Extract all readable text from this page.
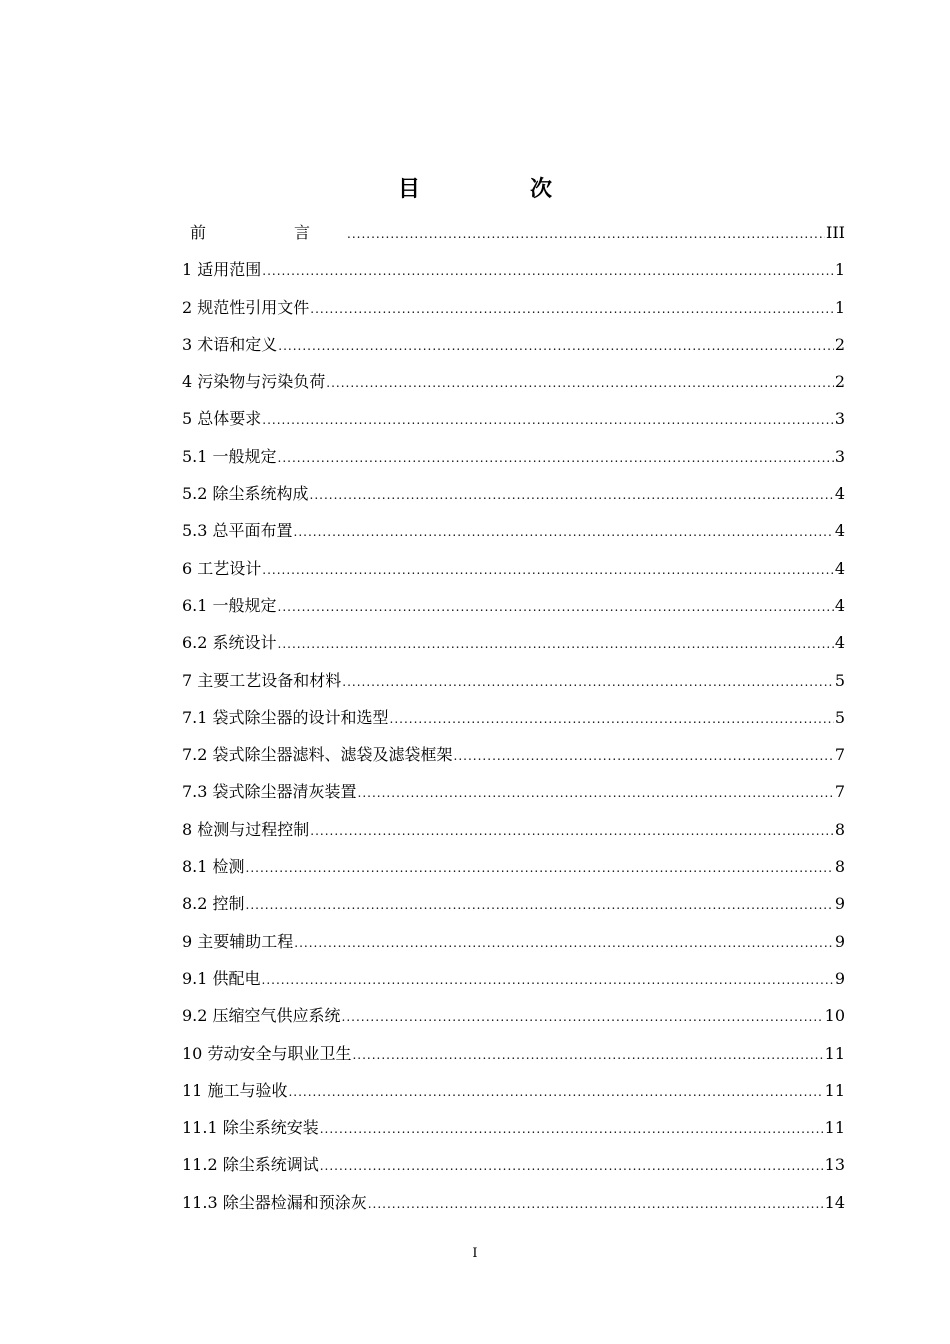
目　次
前　言 .....	III
1 适用范围 .....	1
2 规范性引用文件 .....	1
3 术语和定义 .....	2
4 污染物与污染负荷 .....	2
5 总体要求 .....	3
5.1 一般规定 .....	3
5.2 除尘系统构成 .....	4
5.3 总平面布置 .....	4
6 工艺设计 .....	4
6.1 一般规定 .....	4
6.2 系统设计 .....	4
7 主要工艺设备和材料 .....	5
7.1 袋式除尘器的设计和选型 .....	5
7.2 袋式除尘器滤料、滤袋及滤袋框架 .....	7
7.3 袋式除尘器清灰装置 .....	7
8 检测与过程控制 .....	8
8.1 检测 .....	8
8.2 控制 .....	9
9 主要辅助工程 .....	9
9.1 供配电 .....	9
9.2 压缩空气供应系统 .....	10
10 劳动安全与职业卫生 .....	11
11 施工与验收 .....	11
11.1 除尘系统安装 .....	11
11.2 除尘系统调试 .....	13
11.3 除尘器检漏和预涂灰 .....	14
I
